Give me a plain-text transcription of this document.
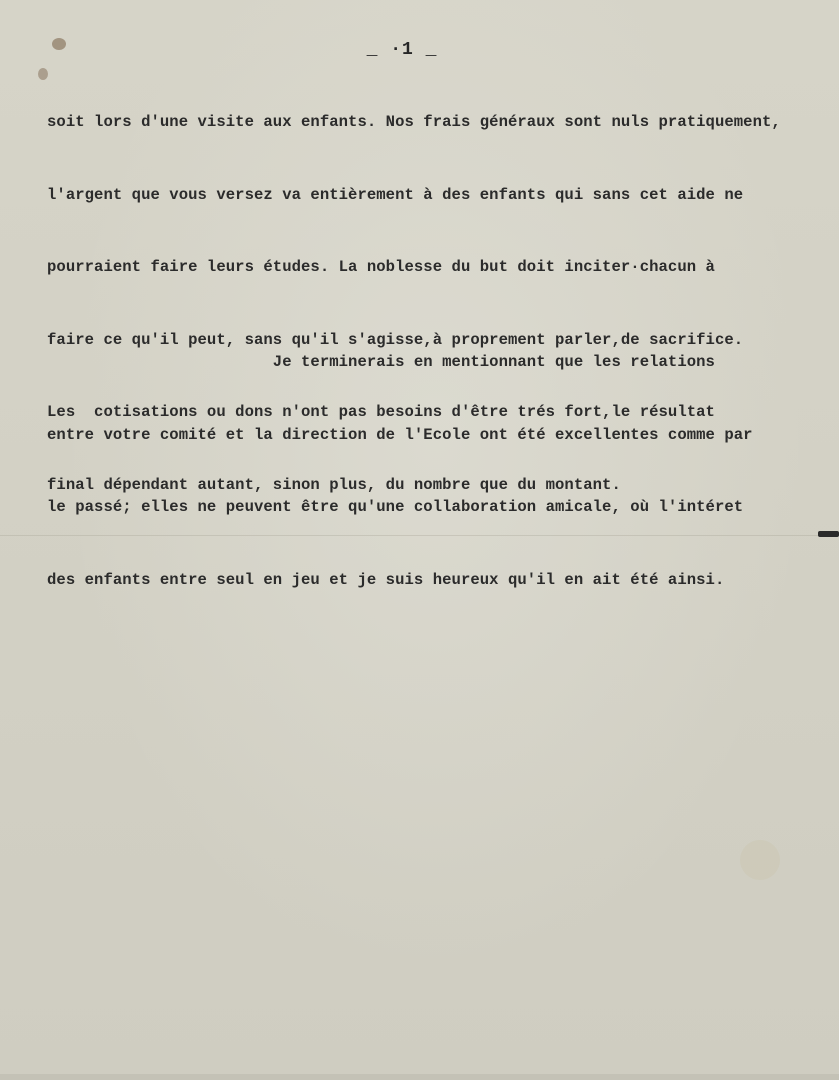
_ ·1 _

soit lors d'une visite aux enfants. Nos frais généraux sont nuls pratiquement,

l'argent que vous versez va entièrement à des enfants qui sans cet aide ne

pourraient faire leurs études. La noblesse du but doit inciter·chacun à

faire ce qu'il peut, sans qu'il s'agisse,à proprement parler,de sacrifice.

Les  cotisations ou dons n'ont pas besoins d'être trés fort,le résultat

final dépendant autant, sinon plus, du nombre que du montant.

Je terminerais en mentionnant que les relations

entre votre comité et la direction de l'Ecole ont été excellentes comme par

le passé; elles ne peuvent être qu'une collaboration amicale, où l'intéret

des enfants entre seul en jeu et je suis heureux qu'il en ait été ainsi.
